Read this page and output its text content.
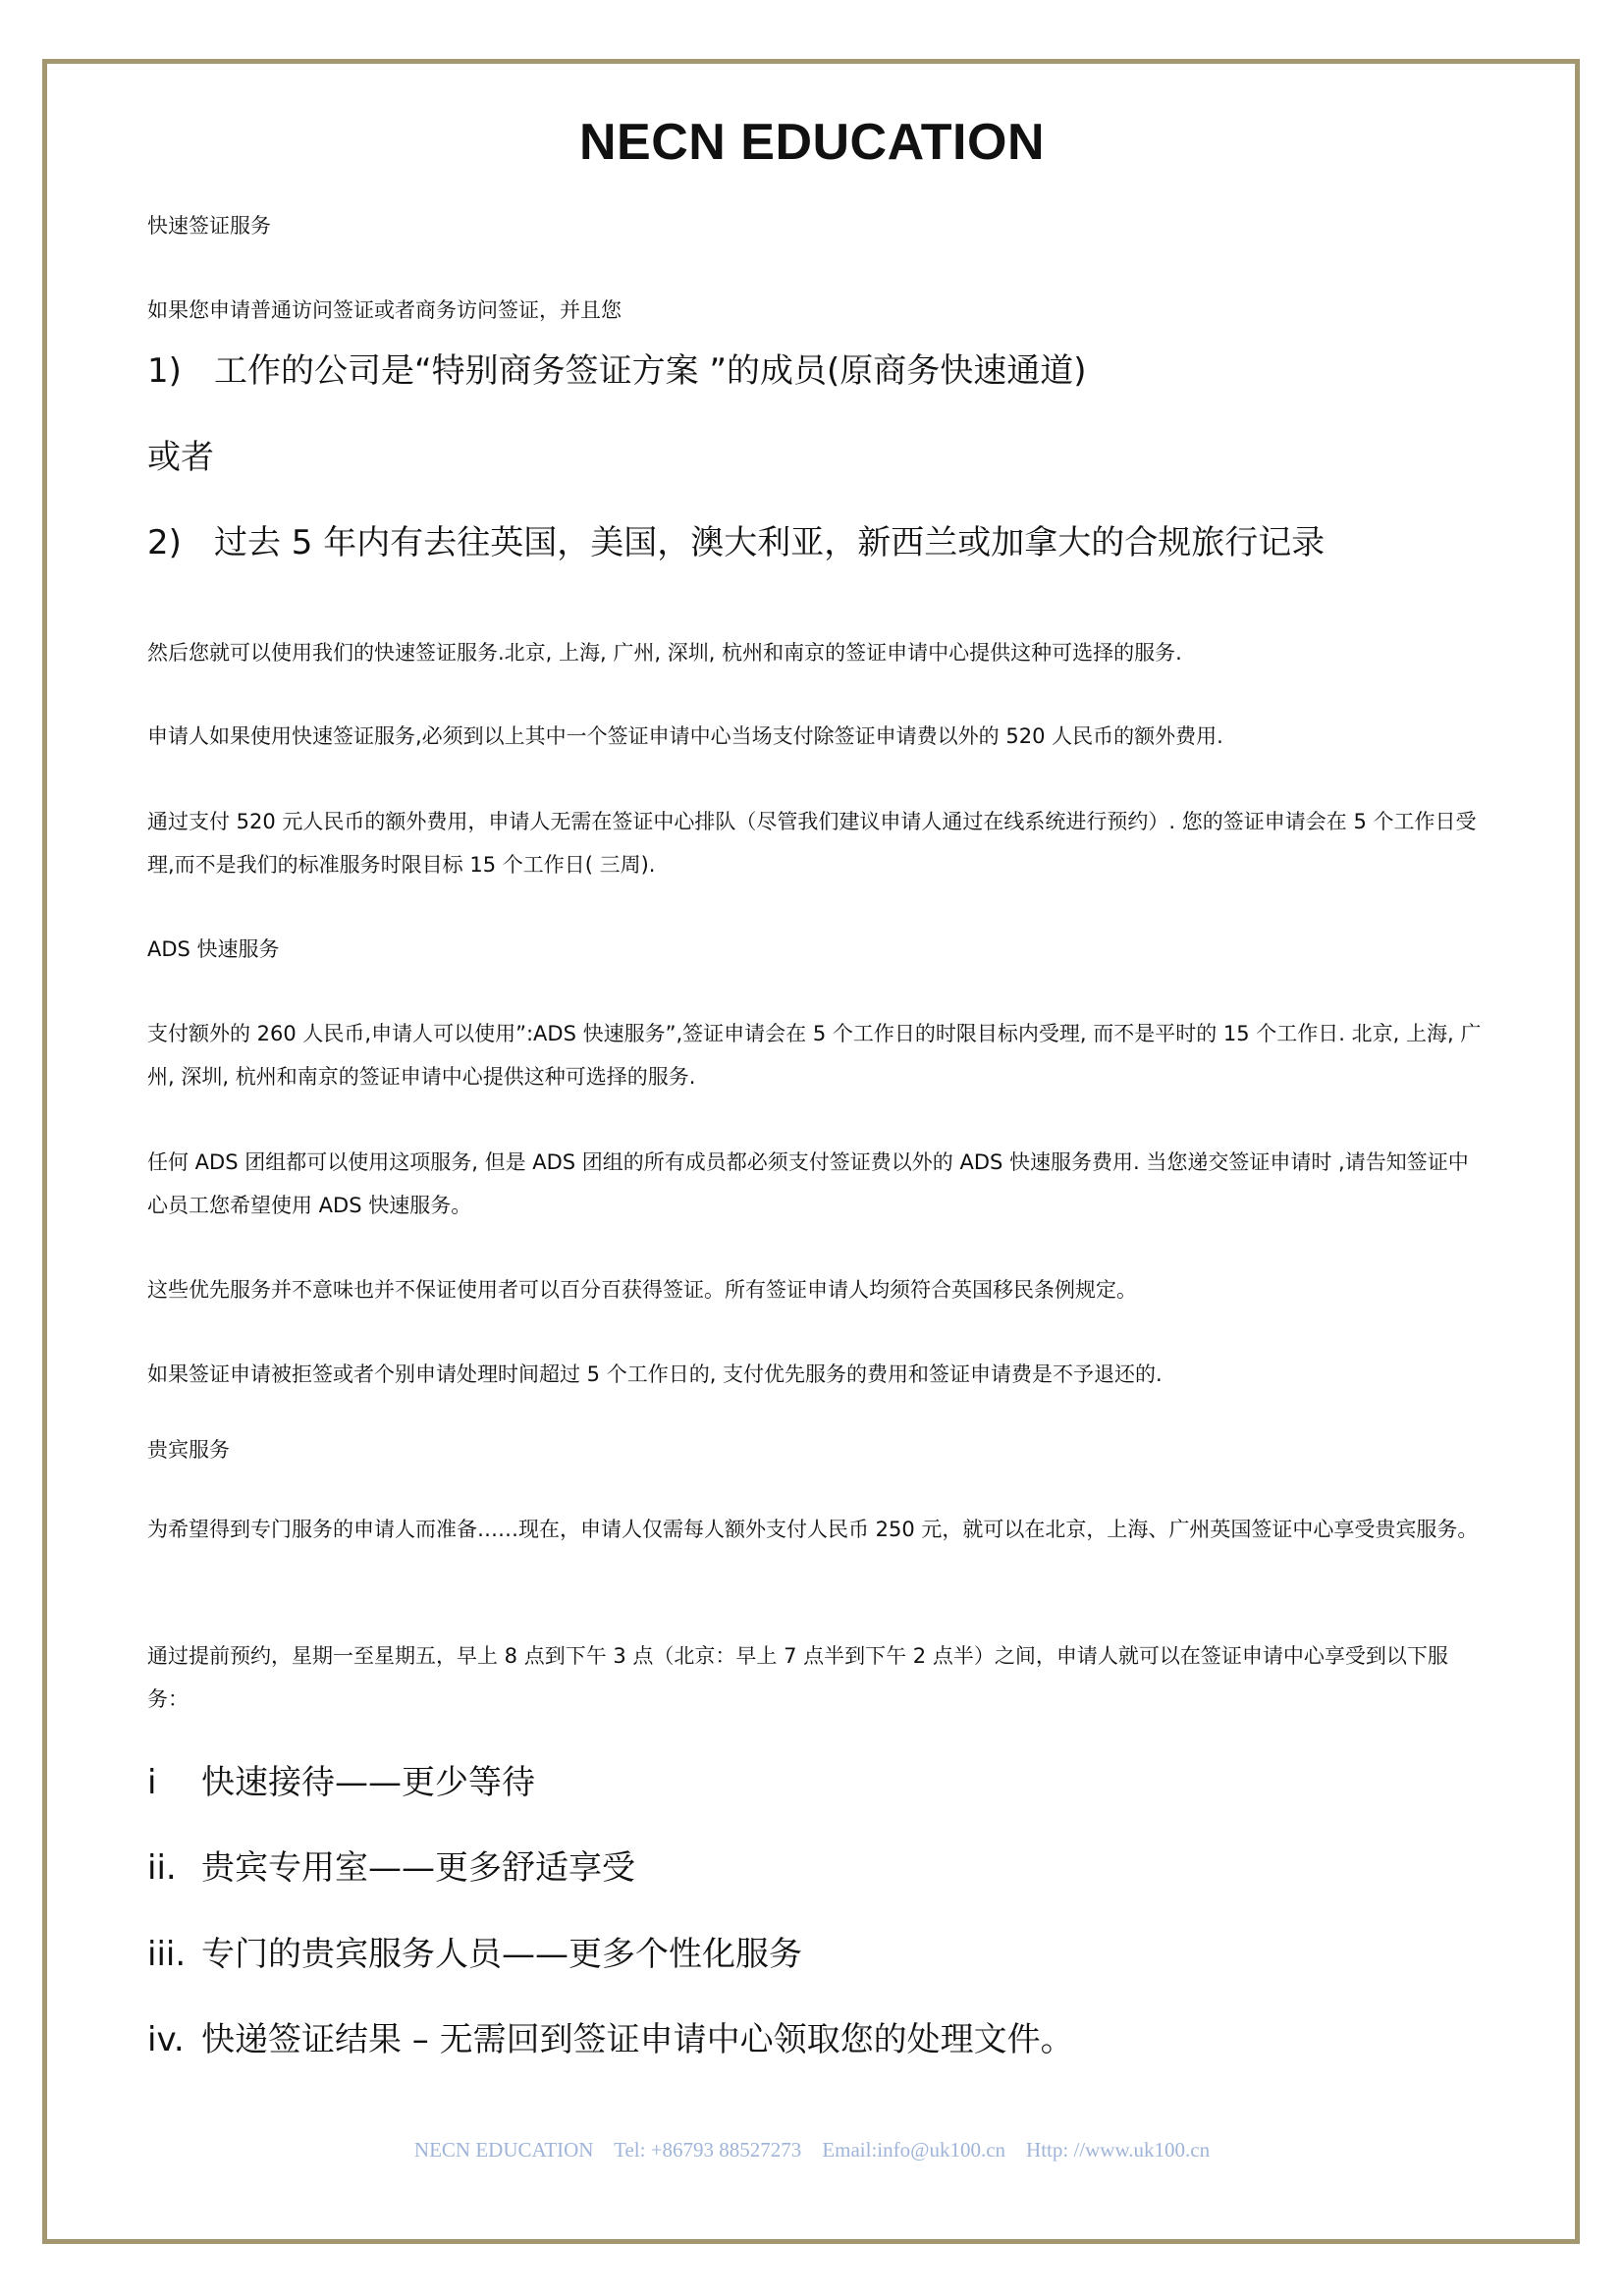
NECN EDUCATION
快速签证服务
如果您申请普通访问签证或者商务访问签证，并且您
1) 工作的公司是“特别商务签证方案 ”的成员(原商务快速通道)
或者
2) 过去 5 年内有去往英国，美国，澳大利亚，新西兰或加拿大的合规旅行记录
然后您就可以使用我们的快速签证服务.北京, 上海, 广州, 深圳, 杭州和南京的签证申请中心提供这种可选择的服务.
申请人如果使用快速签证服务,必须到以上其中一个签证申请中心当场支付除签证申请费以外的 520 人民币的额外费用.
通过支付 520 元人民币的额外费用，申请人无需在签证中心排队（尽管我们建议申请人通过在线系统进行预约）. 您的签证申请会在 5 个工作日受理,而不是我们的标准服务时限目标 15 个工作日( 三周).
ADS 快速服务
支付额外的 260 人民币,申请人可以使用”:ADS 快速服务”,签证申请会在 5 个工作日的时限目标内受理, 而不是平时的 15 个工作日. 北京, 上海, 广州, 深圳, 杭州和南京的签证申请中心提供这种可选择的服务.
任何 ADS 团组都可以使用这项服务, 但是 ADS 团组的所有成员都必须支付签证费以外的 ADS 快速服务费用. 当您递交签证申请时 ,请告知签证中心员工您希望使用 ADS 快速服务。
这些优先服务并不意味也并不保证使用者可以百分百获得签证。所有签证申请人均须符合英国移民条例规定。
如果签证申请被拒签或者个别申请处理时间超过 5 个工作日的, 支付优先服务的费用和签证申请费是不予退还的.
贵宾服务
为希望得到专门服务的申请人而准备……现在，申请人仅需每人额外支付人民币 250 元，就可以在北京，上海、广州英国签证中心享受贵宾服务。
通过提前预约，星期一至星期五，早上 8 点到下午 3 点（北京：早上 7 点半到下午 2 点半）之间，申请人就可以在签证申请中心享受到以下服务：
i 快速接待——更少等待
ii. 贵宾专用室——更多舒适享受
iii. 专门的贵宾服务人员——更多个性化服务
iv. 快递签证结果 – 无需回到签证申请中心领取您的处理文件。
NECN EDUCATION Tel: +86793 88527273 Email:info@uk100.cn Http: //www.uk100.cn
